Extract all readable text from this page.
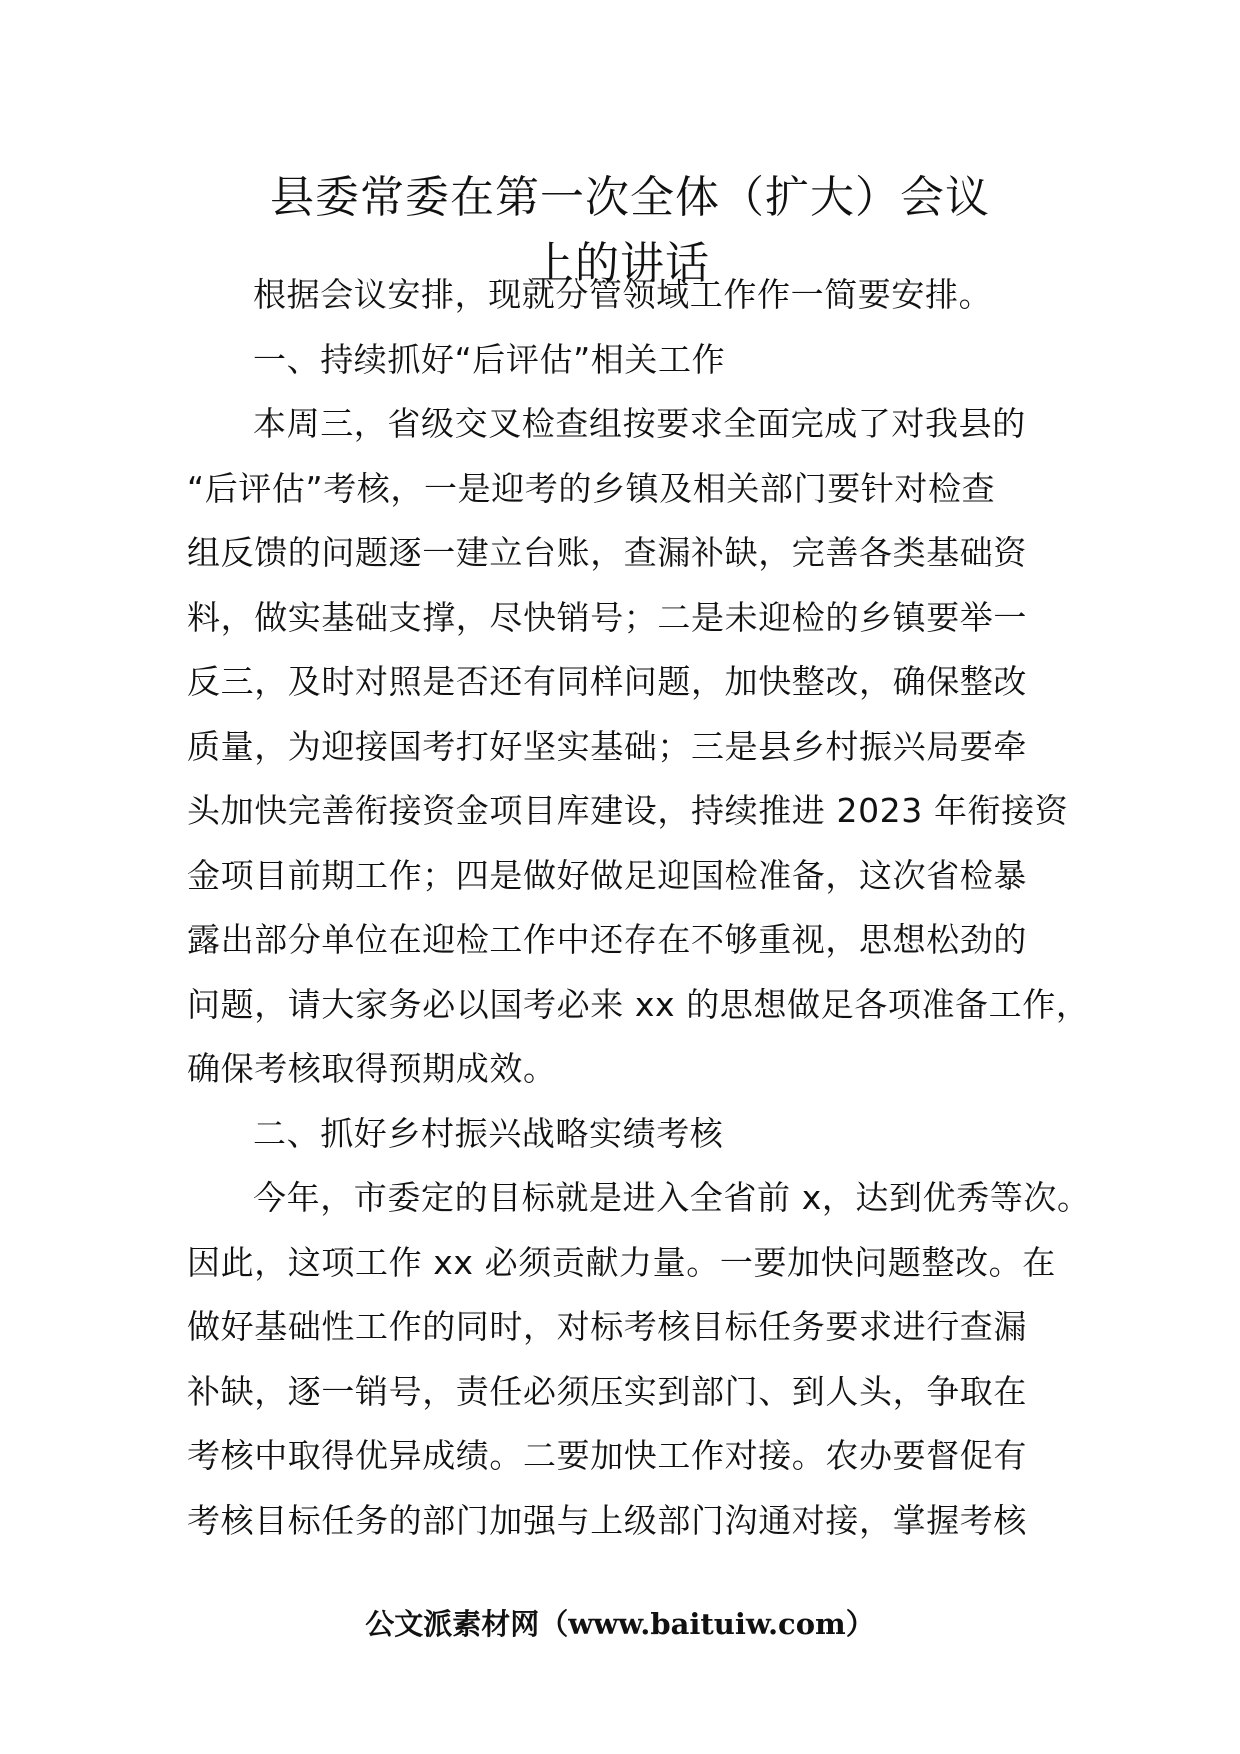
县委常委在第一次全体（扩大）会议
上的讲话
根据会议安排，现就分管领域工作作一简要安排。
一、持续抓好“后评估”相关工作
本周三，省级交叉检查组按要求全面完成了对我县的
“后评估”考核，一是迎考的乡镇及相关部门要针对检查
组反馈的问题逐一建立台账，查漏补缺，完善各类基础资
料，做实基础支撑，尽快销号；二是未迎检的乡镇要举一
反三，及时对照是否还有同样问题，加快整改，确保整改
质量，为迎接国考打好坚实基础；三是县乡村振兴局要牵
头加快完善衔接资金项目库建设，持续推进 2023 年衔接资
金项目前期工作；四是做好做足迎国检准备，这次省检暴
露出部分单位在迎检工作中还存在不够重视，思想松劲的
问题，请大家务必以国考必来 xx 的思想做足各项准备工作，
确保考核取得预期成效。
二、抓好乡村振兴战略实绩考核
今年，市委定的目标就是进入全省前 x，达到优秀等次。
因此，这项工作 xx 必须贡献力量。一要加快问题整改。在
做好基础性工作的同时，对标考核目标任务要求进行查漏
补缺，逐一销号，责任必须压实到部门、到人头，争取在
考核中取得优异成绩。二要加快工作对接。农办要督促有
考核目标任务的部门加强与上级部门沟通对接，掌握考核
公文派素材网（www.baituiw.com）
